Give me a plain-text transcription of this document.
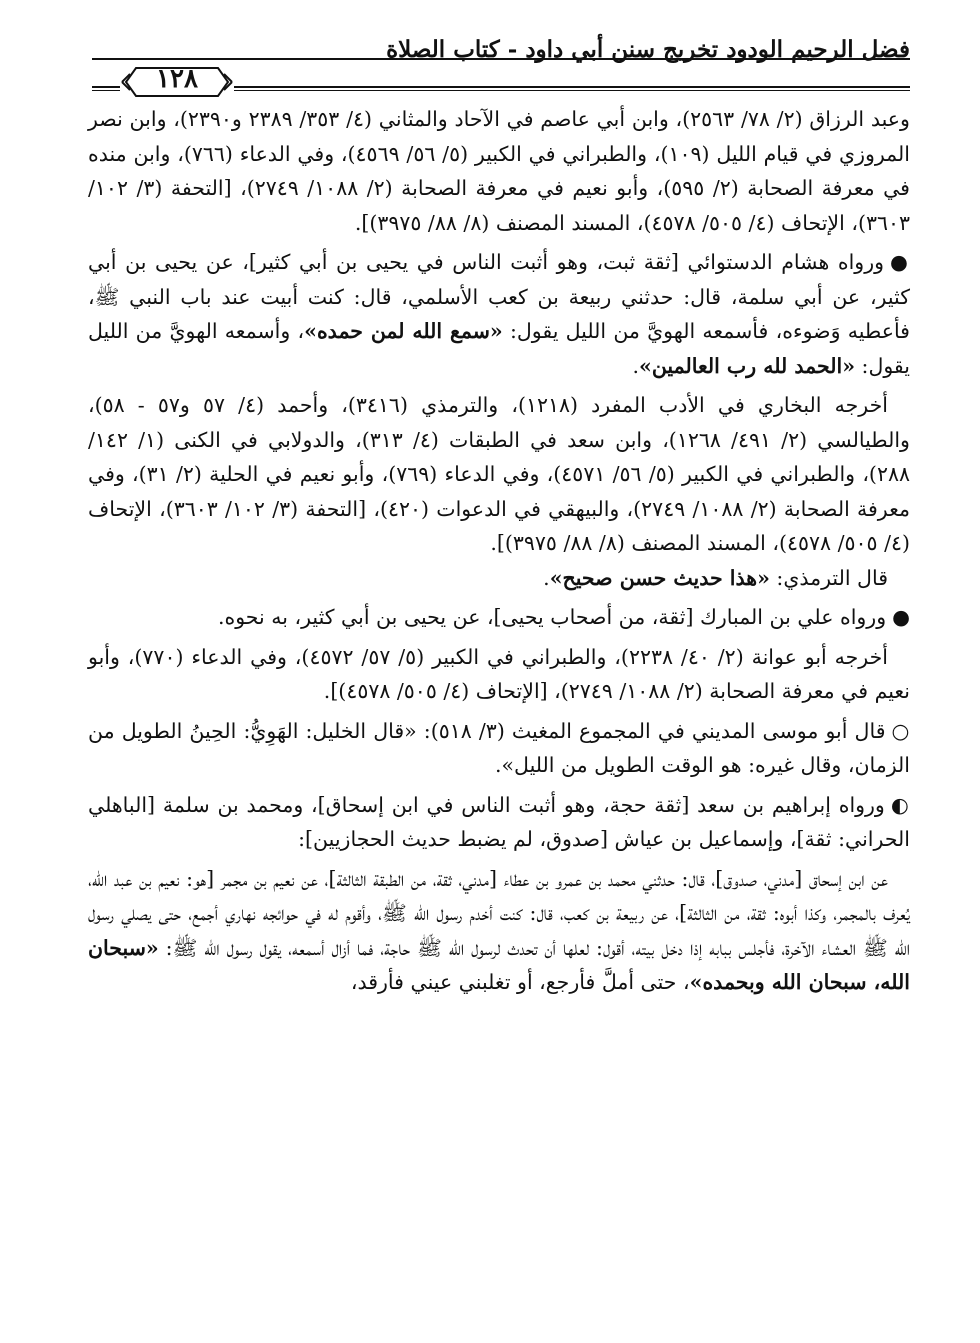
فضل الرحيم الودود تخريج سنن أبي داود - كتاب الصلاة
١٢٨

وعبد الرزاق (٢/ ٧٨/ ٢٥٦٣)، وابن أبي عاصم في الآحاد والمثاني (٤/ ٣٥٣/ ٢٣٨٩ و٢٣٩٠)، وابن نصر المروزي في قيام الليل (١٠٩)، والطبراني في الكبير (٥/ ٥٦/ ٤٥٦٩)، وفي الدعاء (٧٦٦)، وابن منده في معرفة الصحابة (٢/ ٥٩٥)، وأبو نعيم في معرفة الصحابة (٢/ ١٠٨٨/ ٢٧٤٩)، [التحفة (٣/ ١٠٢/ ٣٦٠٣)، الإتحاف (٤/ ٥٠٥/ ٤٥٧٨)، المسند المصنف (٨/ ٨٨/ ٣٩٧٥)].

●ورواه هشام الدستوائي [ثقة ثبت، وهو أثبت الناس في يحيى بن أبي كثير]، عن يحيى بن أبي كثير، عن أبي سلمة، قال: حدثني ربيعة بن كعب الأسلمي، قال: كنت أبيت عند باب النبي ﷺ، فأعطيه وَضوءه، فأسمعه الهويَّ من الليل يقول: «سمع الله لمن حمده»، وأسمعه الهويَّ من الليل يقول: «الحمد لله رب العالمين».

أخرجه البخاري في الأدب المفرد (١٢١٨)، والترمذي (٣٤١٦)، وأحمد (٤/ ٥٧ و٥٧ - ٥٨)، والطيالسي (٢/ ٤٩١/ ١٢٦٨)، وابن سعد في الطبقات (٤/ ٣١٣)، والدولابي في الكنى (١/ ١٤٢/ ٢٨٨)، والطبراني في الكبير (٥/ ٥٦/ ٤٥٧١)، وفي الدعاء (٧٦٩)، وأبو نعيم في الحلية (٢/ ٣١)، وفي معرفة الصحابة (٢/ ١٠٨٨/ ٢٧٤٩)، والبيهقي في الدعوات (٤٢٠)، [التحفة (٣/ ١٠٢/ ٣٦٠٣)، الإتحاف (٤/ ٥٠٥/ ٤٥٧٨)، المسند المصنف (٨/ ٨٨/ ٣٩٧٥)].

قال الترمذي: «هذا حديث حسن صحيح».

●ورواه علي بن المبارك [ثقة، من أصحاب يحيى]، عن يحيى بن أبي كثير، به نحوه.

أخرجه أبو عوانة (٢/ ٤٠/ ٢٢٣٨)، والطبراني في الكبير (٥/ ٥٧/ ٤٥٧٢)، وفي الدعاء (٧٧٠)، وأبو نعيم في معرفة الصحابة (٢/ ١٠٨٨/ ٢٧٤٩)، [الإتحاف (٤/ ٥٠٥/ ٤٥٧٨)].

○قال أبو موسى المديني في المجموع المغيث (٣/ ٥١٨): «قال الخليل: الهَوِيُّ: الحِينُ الطويل من الزمان، وقال غيره: هو الوقت الطويل من الليل».

◐ورواه إبراهيم بن سعد [ثقة حجة، وهو أثبت الناس في ابن إسحاق]، ومحمد بن سلمة [الباهلي الحراني: ثقة]، وإسماعيل بن عياش [صدوق، لم يضبط حديث الحجازيين]:

عن ابن إسحاق [مدني، صدوق]، قال: حدثني محمد بن عمرو بن عطاء [مدني، ثقة، من الطبقة الثالثة]، عن نعيم بن مجمر [هو: نعيم بن عبد الله، يُعرف بالمجمر، وكذا أبوه: ثقة، من الثالثة]، عن ربيعة بن كعب، قال: كنت أخدم رسول الله ﷺ، وأقوم له في حوائجه نهاري أجمع، حتى يصلي رسول الله ﷺ العشاء الآخرة، فأجلس ببابه إذا دخل بيته، أقول: لعلها أن تحدث لرسول الله ﷺ حاجة، فما أزال أسمعه، يقول رسول الله ﷺ: «سبحان الله، سبحان الله وبحمده»، حتى أملَّ فأرجع، أو تغلبني عيني فأرقد،
